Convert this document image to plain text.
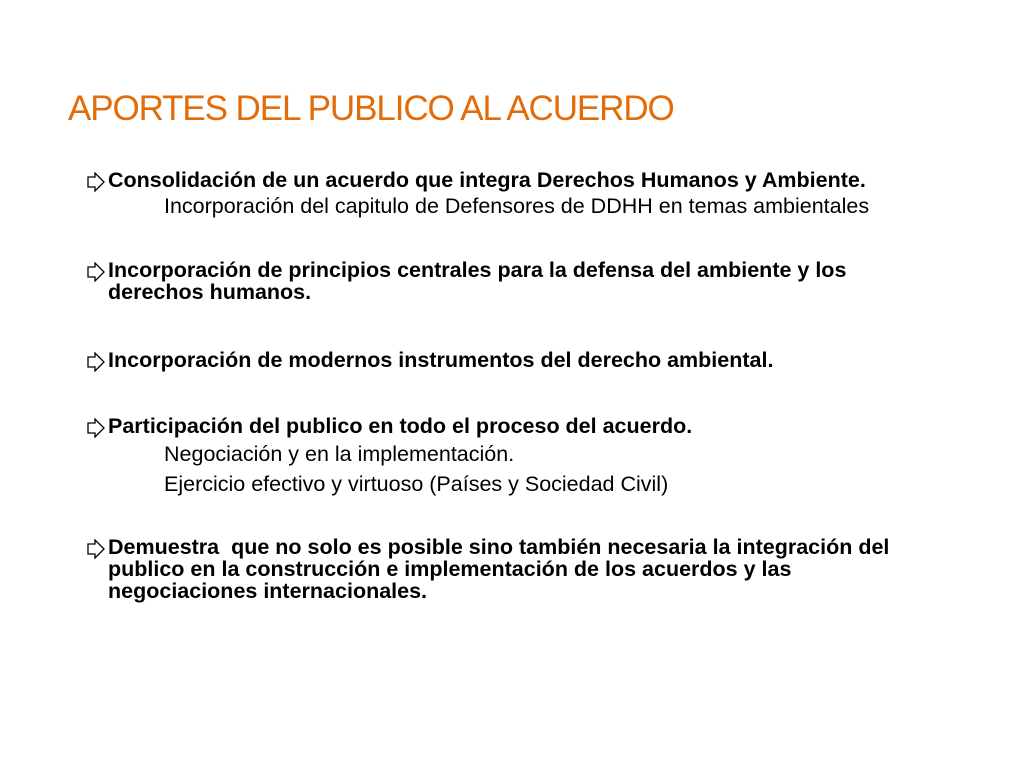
APORTES DEL PUBLICO AL ACUERDO
Consolidación de un acuerdo que integra Derechos Humanos y Ambiente.
Incorporación del capitulo de Defensores de DDHH en temas ambientales
Incorporación de principios centrales para la defensa del ambiente y los derechos humanos.
Incorporación de modernos instrumentos del derecho ambiental.
Participación del publico en todo el proceso del acuerdo.
Negociación y en la implementación.
Ejercicio efectivo y virtuoso (Países y Sociedad Civil)
Demuestra  que no solo es posible sino también necesaria la integración del publico en la construcción e implementación de los acuerdos y las negociaciones internacionales.
